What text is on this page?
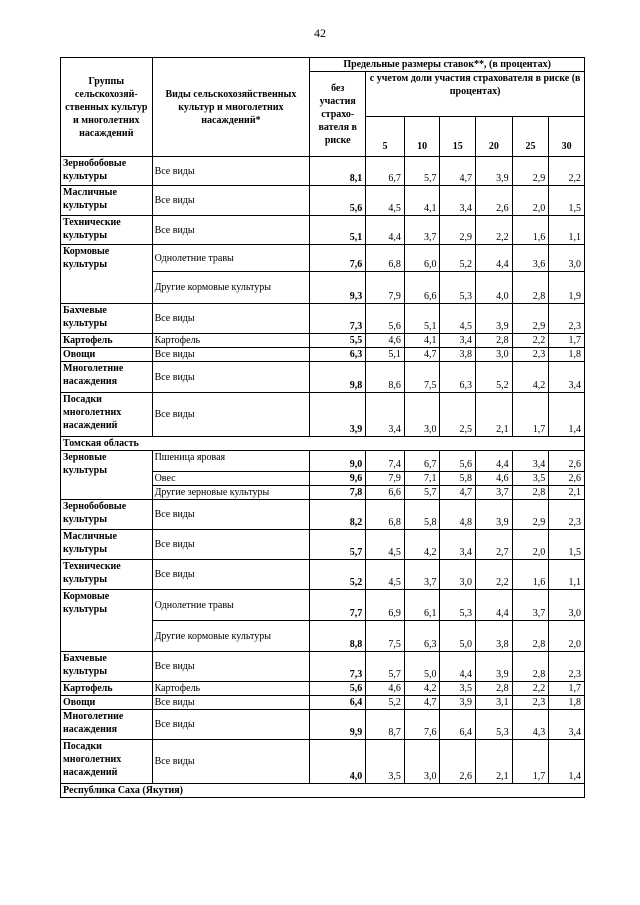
42
Группы сельскохозяй-ственных культур и многолетних насаждений	Виды сельскохозяйственных культур и многолетних насаждений*	Предельные размеры ставок**, (в процентах)						
		без участия страхо-вателя в риске	с учетом доли участия страхователя в риске (в процентах)					
			5	10	15	20	25	30
Зернобобовые культуры	Все виды	8,1	6,7	5,7	4,7	3,9	2,9	2,2
Масличные культуры	Все виды	5,6	4,5	4,1	3,4	2,6	2,0	1,5
Технические культуры	Все виды	5,1	4,4	3,7	2,9	2,2	1,6	1,1
Кормовые культуры	Однолетние травы	7,6	6,8	6,0	5,2	4,4	3,6	3,0
	Другие кормовые культуры	9,3	7,9	6,6	5,3	4,0	2,8	1,9
Бахчевые культуры	Все виды	7,3	5,6	5,1	4,5	3,9	2,9	2,3
Картофель	Картофель	5,5	4,6	4,1	3,4	2,8	2,2	1,7
Овощи	Все виды	6,3	5,1	4,7	3,8	3,0	2,3	1,8
Многолетние насаждения	Все виды	9,8	8,6	7,5	6,3	5,2	4,2	3,4
Посадки многолетних насаждений	Все виды	3,9	3,4	3,0	2,5	2,1	1,7	1,4
Томская область								
Зерновые культуры	Пшеница яровая	9,0	7,4	6,7	5,6	4,4	3,4	2,6
	Овес	9,6	7,9	7,1	5,8	4,6	3,5	2,6
	Другие зерновые культуры	7,8	6,6	5,7	4,7	3,7	2,8	2,1
Зернобобовые культуры	Все виды	8,2	6,8	5,8	4,8	3,9	2,9	2,3
Масличные культуры	Все виды	5,7	4,5	4,2	3,4	2,7	2,0	1,5
Технические культуры	Все виды	5,2	4,5	3,7	3,0	2,2	1,6	1,1
Кормовые культуры	Однолетние травы	7,7	6,9	6,1	5,3	4,4	3,7	3,0
	Другие кормовые культуры	8,8	7,5	6,3	5,0	3,8	2,8	2,0
Бахчевые культуры	Все виды	7,3	5,7	5,0	4,4	3,9	2,8	2,3
Картофель	Картофель	5,6	4,6	4,2	3,5	2,8	2,2	1,7
Овощи	Все виды	6,4	5,2	4,7	3,9	3,1	2,3	1,8
Многолетние насаждения	Все виды	9,9	8,7	7,6	6,4	5,3	4,3	3,4
Посадки многолетних насаждений	Все виды	4,0	3,5	3,0	2,6	2,1	1,7	1,4
Республика Саха (Якутия)								
